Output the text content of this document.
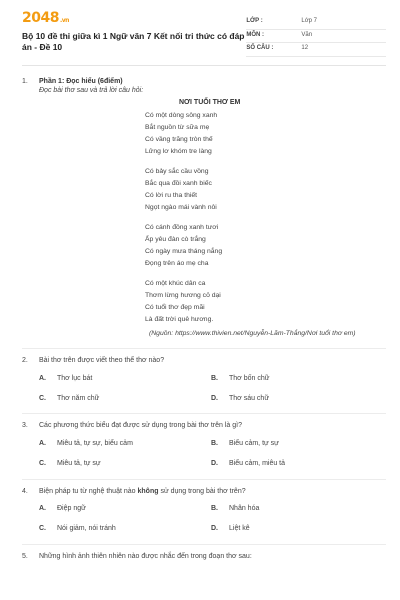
2048.vn
Bộ 10 đề thi giữa kì 1 Ngữ văn 7 Kết nối tri thức có đáp án - Đề 10
LỚP :	Lớp 7
MÔN :	Văn
SỐ CÂU :	12
1.	Phần 1: Đọc hiểu (6điểm)
Đọc bài thơ sau và trả lời câu hỏi:
NƠI TUỔI THƠ EM
Có một dòng sông xanh
Bắt nguồn từ sữa mẹ
Có vầng trăng tròn thế
Lửng lơ khóm tre làng
Có bảy sắc cầu vồng
Bắc qua đồi xanh biếc
Có lời ru tha thiết
Ngọt ngào mái vành nôi
Có cánh đồng xanh tươi
Ấp yêu đàn cò trắng
Có ngày mưa tháng nắng
Đọng trên áo mẹ cha
Có một khúc dân ca
Thơm lừng hương cỏ dại
Có tuổi thơ đẹp mãi
Là đất trời quê hương.
(Nguồn: https://www.thivien.net/Nguyễn-Lãm-Thắng/Nơi tuổi thơ em)
2.	Bài thơ trên được viết theo thể thơ nào?
A.	Thơ lục bát	B.	Thơ bốn chữ
C.	Thơ năm chữ	D.	Thơ sáu chữ
3.	Các phương thức biểu đạt được sử dụng trong bài thơ trên là gì?
A.	Miêu tả, tự sự, biểu cảm	B.	Biểu cảm, tự sự
C.	Miêu tả, tự sự	D.	Biểu cảm, miêu tả
4.	Biện pháp tu từ nghệ thuật nào không sử dụng trong bài thơ trên?
A.	Điệp ngữ	B.	Nhân hóa
C.	Nói giảm, nói tránh	D.	Liệt kê
5.	Những hình ảnh thiên nhiên nào được nhắc đến trong đoạn thơ sau:
